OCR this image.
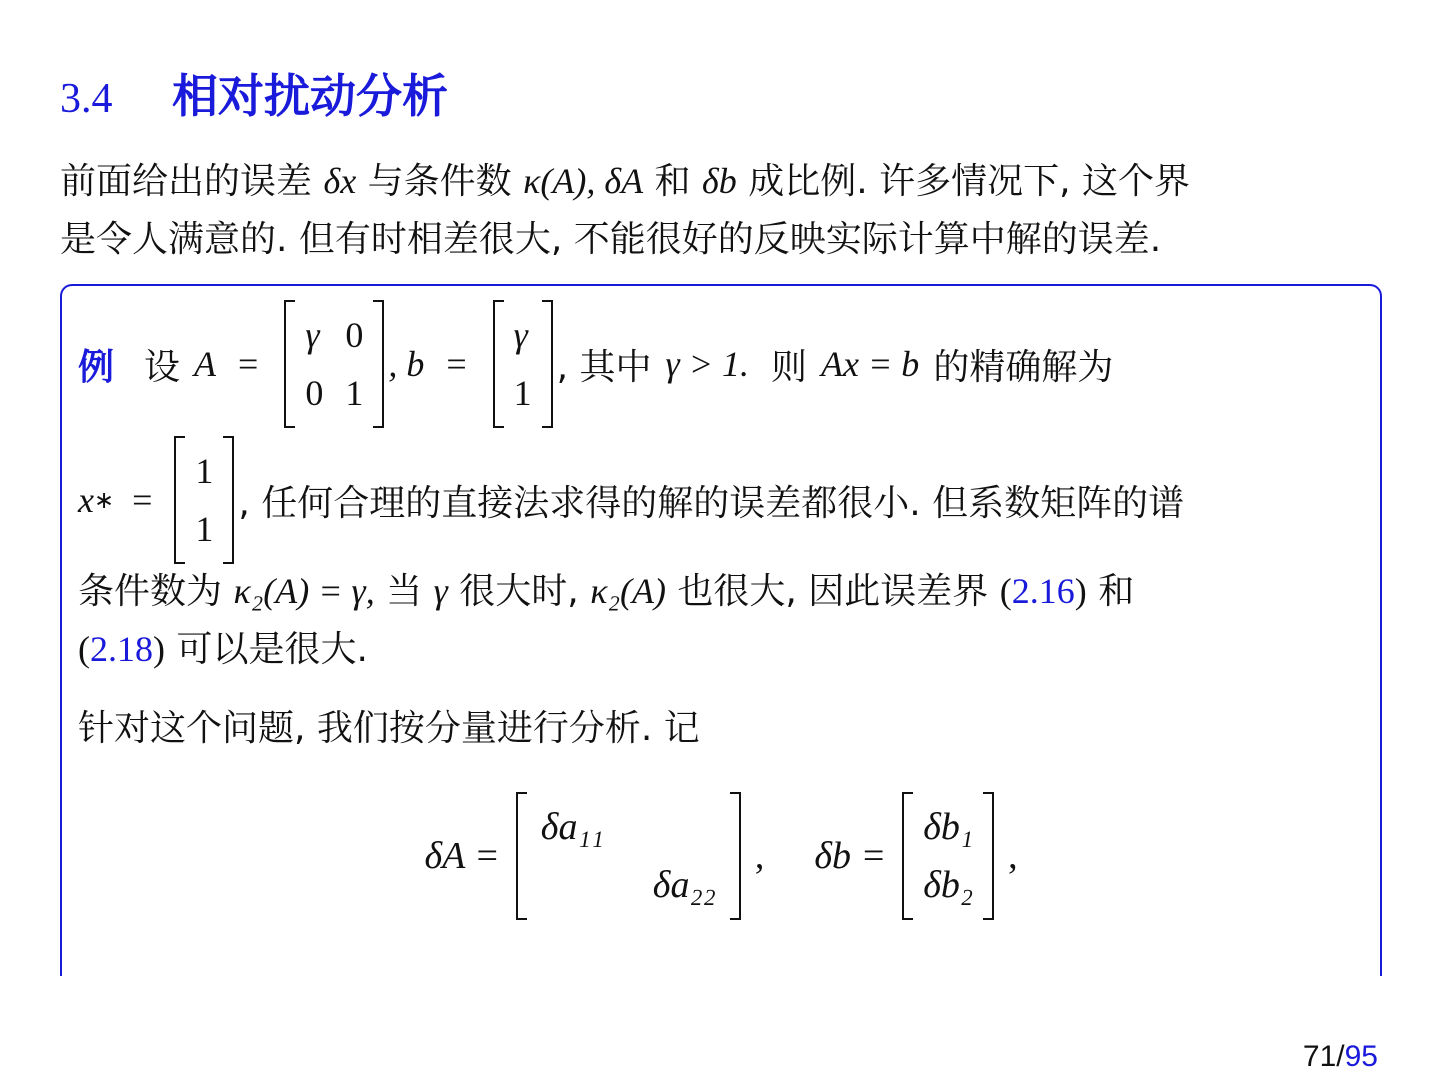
3.4	相对扰动分析
前面给出的误差 δx 与条件数 κ(A), δA 和 δb 成比例. 许多情况下, 这个界
是令人满意的. 但有时相差很大, 不能很好的反映实际计算中解的误差.
例 设 A =
γ 0
0 1
, b =
γ
1
, 其中 γ > 1. 则 Ax = b 的精确解为
x ∗ =
1
1
, 任何合理的直接法求得的解的误差都很小. 但系数矩阵的谱
条件数为 κ₂(A) = γ, 当 γ 很大时, κ₂(A) 也很大, 因此误差界 (2.16) 和
(2.18) 可以是很大.
针对这个问题, 我们按分量进行分析. 记
δA =
δa₁₁
δa₂₂
, δb =
δb₁
δb₂
,
71/95
